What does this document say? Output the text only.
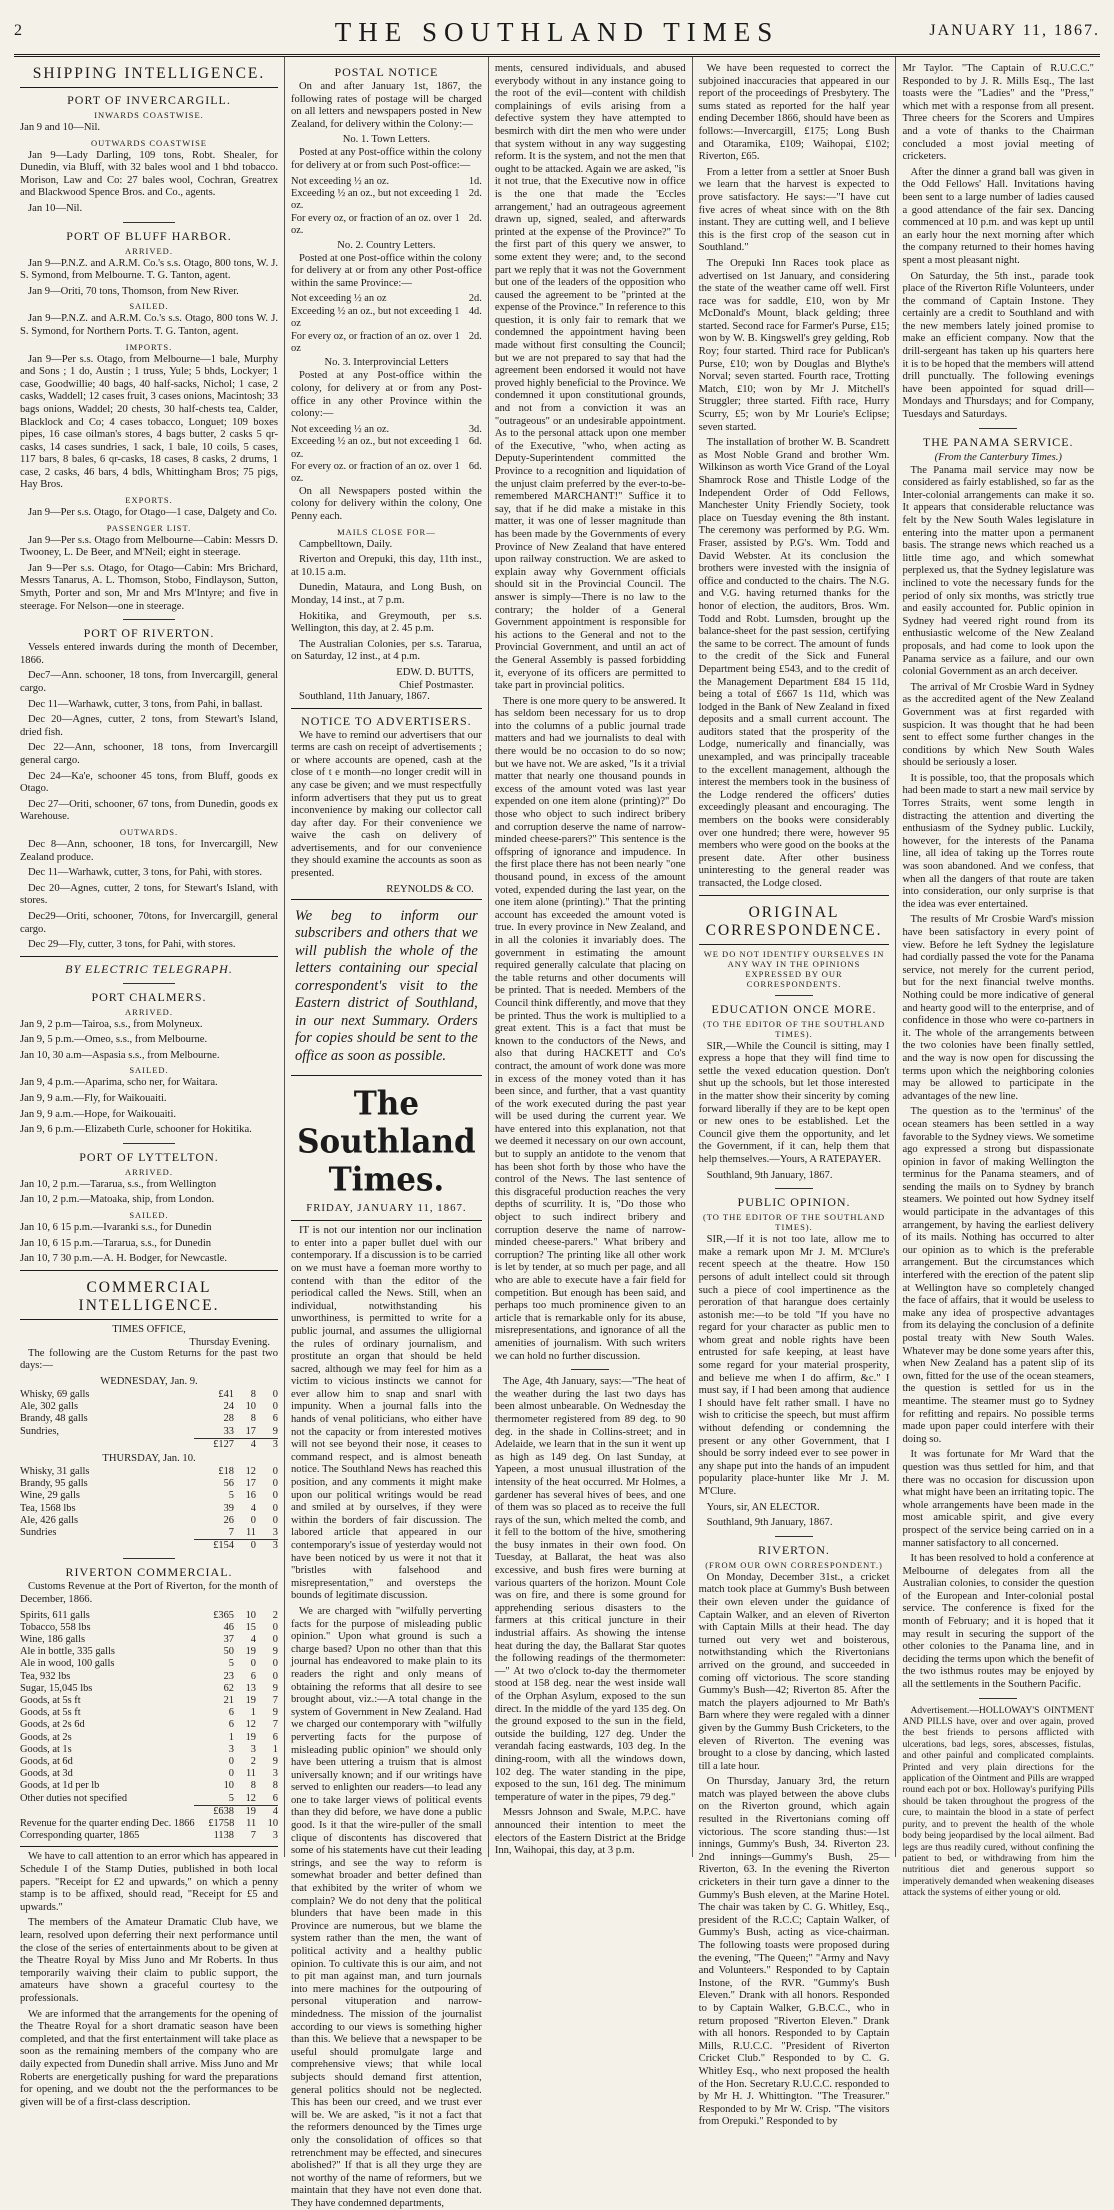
2	THE SOUTHLAND TIMES	JANUARY 11, 1867.
SHIPPING INTELLIGENCE.
PORT OF INVERCARGILL.
INWARDS COASTWISE.

Jan 9 and 10—Nil.

OUTWARDS COASTWISE

Jan 9—Lady Darling, 109 tons, Robt. Shealer, for Dunedin, via Bluff, with 32 bales wool and 1 bhd tobacco. Morison, Law and Co: 27 bales wool, Cochran, Greatrex and Blackwood Spence Bros. and Co., agents.

Jan 10—Nil.

PORT OF BLUFF HARBOR.
ARRIVED.

Jan 9—P.N.Z. and A.R.M. Co.'s s.s. Otago, 800 tons, W. J. S. Symond, from Melbourne. T. G. Tanton, agent.

Jan 9—Oriti, 70 tons, Thomson, from New River.

SAILED.

Jan 9—P.N.Z. and A.R.M. Co.'s s.s. Otago, 800 tons W. J. S. Symond, for Northern Ports. T. G. Tanton, agent.

IMPORTS.

Jan 9—Per s.s. Otago, from Melbourne—1 bale, Murphy and Sons ; 1 do, Austin ; 1 truss, Yule; 5 bhds, Lockyer; 1 case, Goodwillie; 40 bags, 40 half-sacks, Nichol; 1 case, 2 casks, Waddell; 12 cases fruit, 3 cases onions, Macintosh; 33 bags onions, Waddel; 20 chests, 30 half-chests tea, Calder, Blacklock and Co; 4 cases tobacco, Longuet; 109 boxes pipes, 16 case oilman's stores, 4 bags butter, 2 casks 5 qr-casks, 14 cases sundries, 1 sack, 1 bale, 10 coils, 5 cases, 117 bars, 8 bales, 6 qr-casks, 18 cases, 8 casks, 2 drums, 1 case, 2 casks, 46 bars, 4 bdls, Whittingham Bros; 75 pigs, Hay Bros.

EXPORTS.

Jan 9—Per s.s. Otago, for Otago—1 case, Dalgety and Co.

PASSENGER LIST.

Jan 9—Per s.s. Otago from Melbourne—Cabin: Messrs D. Twooney, L. De Beer, and M'Neil; eight in steerage.

Jan 9—Per s.s. Otago, for Otago—Cabin: Mrs Brichard, Messrs Tanarus, A. L. Thomson, Stobo, Findlayson, Sutton, Smyth, Porter and son, Mr and Mrs M'Intyre; and five in steerage. For Nelson—one in steerage.

PORT OF RIVERTON.

Vessels entered inwards during the month of December, 1866.

Dec7—Ann. schooner, 18 tons, from Invercargill, general cargo.

Dec 11—Warhawk, cutter, 3 tons, from Pahi, in ballast.

Dec 20—Agnes, cutter, 2 tons, from Stewart's Island, dried fish.

Dec 22—Ann, schooner, 18 tons, from Invercargill general cargo.

Dec 24—Ka'e, schooner 45 tons, from Bluff, goods ex Otago.

Dec 27—Oriti, schooner, 67 tons, from Dunedin, goods ex Warehouse.

OUTWARDS.

Dec 8—Ann, schooner, 18 tons, for Invercargill, New Zealand produce.

Dec 11—Warhawk, cutter, 3 tons, for Pahi, with stores.

Dec 20—Agnes, cutter, 2 tons, for Stewart's Island, with stores.

Dec29—Oriti, schooner, 70tons, for Invercargill, general cargo.

Dec 29—Fly, cutter, 3 tons, for Pahi, with stores.

BY ELECTRIC TELEGRAPH.
PORT CHALMERS.
ARRIVED.

Jan 9, 2 p.m—Tairoa, s.s., from Molyneux.

Jan 9, 5 p.m.—Omeo, s.s., from Melbourne.

Jan 10, 30 a.m—Aspasia s.s., from Melbourne.

SAILED.

Jan 9, 4 p.m.—Aparima, scho ner, for Waitara.

Jan 9, 9 a.m.—Fly, for Waikouaiti.

Jan 9, 9 a.m.—Hope, for Waikouaiti.

Jan 9, 6 p.m.—Elizabeth Curle, schooner for Hokitika.

PORT OF LYTTELTON.
ARRIVED.

Jan 10, 2 p.m.—Tararua, s.s., from Wellington

Jan 10, 2 p.m.—Matoaka, ship, from London.

SAILED.

Jan 10, 6 15 p.m.—Ivaranki s.s., for Dunedin

Jan 10, 6 15 p.m.—Tararua, s.s., for Dunedin

Jan 10, 7 30 p.m.—A. H. Bodger, for Newcastle.

COMMERCIAL INTELLIGENCE.
TIMES OFFICE,
Thursday Evening.

The following are the Custom Returns for the past two days:—

WEDNESDAY, Jan. 9.
Whisky, 69 galls	£41	8	0
Ale, 302 galls	24	10	0
Brandy, 48 galls	28	8	6
Sundries,	33	17	9
£127	4	3
THURSDAY, Jan. 10.
Whisky, 31 galls	£18	12	0
Brandy, 95 galls	56	17	0
Wine, 29 galls	5	16	0
Tea, 1568 lbs	39	4	0
Ale, 426 galls	26	0	0
Sundries	7	11	3
£154	0	3
RIVERTON COMMERCIAL.

Customs Revenue at the Port of Riverton, for the month of December, 1866.

Spirits, 611 galls	£365	10	2
Tobacco, 558 lbs	46	15	0
Wine, 186 galls	37	4	0
Ale in bottle, 335 galls	50	19	9
Ale in wood, 100 galls	5	0	0
Tea, 932 lbs	23	6	0
Sugar, 15,045 lbs	62	13	9
Goods, at 5s ft	21	19	7
Goods, at 5s ft	6	1	9
Goods, at 2s 6d	6	12	7
Goods, at 2s	1	19	6
Goods, at 1s	3	3	1
Goods, at 6d	0	2	9
Goods, at 3d	0	11	3
Goods, at 1d per lb	10	8	8
Other duties not specified	5	12	6
£638	19	4
Revenue for the quarter ending Dec. 1866	£1758	11	10
Corresponding quarter, 1865	1138	7	3

We have to call attention to an error which has appeared in Schedule I of the Stamp Duties, published in both local papers. "Receipt for £2 and upwards," on which a penny stamp is to be affixed, should read, "Receipt for £5 and upwards."

The members of the Amateur Dramatic Club have, we learn, resolved upon deferring their next performance until the close of the series of entertainments about to be given at the Theatre Royal by Miss Juno and Mr Roberts. In thus temporarily waiving their claim to public support, the amateurs have shown a graceful courtesy to the professionals.

We are informed that the arrangements for the opening of the Theatre Royal for a short dramatic season have been completed, and that the first entertainment will take place as soon as the remaining members of the company who are daily expected from Dunedin shall arrive. Miss Juno and Mr Roberts are energetically pushing for ward the preparations for opening, and we doubt not the the performances to be given will be of a first-class description.

POSTAL NOTICE

On and after January 1st, 1867, the following rates of postage will be charged on all letters and newspapers posted in New Zealand, for delivery within the Colony:—

No. 1. Town Letters.

Posted at any Post-office within the colony for delivery at or from such Post-office:—

Not exceeding ½ an oz.	1d.
Exceeding ½ an oz., but not exceeding 1 oz.
2d.
For every oz, or fraction of an oz. over 1 oz.
2d.
No. 2. Country Letters.

Posted at one Post-office within the colony for delivery at or from any other Post-office within the same Province:—

Not exceeding ½ an oz	2d.
Exceeding ½ an oz., but not exceeding 1 oz
4d.
For every oz, or fraction of an oz. over 1 oz
2d.
No. 3. Interprovincial Letters

Posted at any Post-office within the colony, for delivery at or from any Post-office in any other Province within the colony:—

Not exceeding ½ an oz.	3d.
Exceeding ½ an oz., but not exceeding 1 oz.
6d.
For every oz. or fraction of an oz. over 1 oz.
6d.

On all Newspapers posted within the colony for delivery within the colony, One Penny each.

MAILS CLOSE FOR—

Campbelltown, Daily.

Riverton and Orepuki, this day, 11th inst., at 10.15 a.m.

Dunedin, Mataura, and Long Bush, on Monday, 14 inst., at 7 p.m.

Hokitika, and Greymouth, per s.s. Wellington, this day, at 2. 45 p.m.

The Australian Colonies, per s.s. Tararua, on Saturday, 12 inst., at 4 p.m.

EDW. D. BUTTS,
Chief Postmaster.

Southland, 11th January, 1867.

NOTICE TO ADVERTISERS.

We have to remind our advertisers that our terms are cash on receipt of advertisements ; or where accounts are opened, cash at the close of t e month—no longer credit will in any case be given; and we must respectfully inform advertisers that they put us to great inconvenience by making our collector call day after day. For their convenience we waive the cash on delivery of advertisements, and for our convenience they should examine the accounts as soon as presented.

REYNOLDS & CO.
We beg to inform our subscribers and others that we will publish the whole of the letters containing our special correspondent's visit to the Eastern district of Southland, in our next Summary. Orders for copies should be sent to the office as soon as possible.
The Southland Times.
FRIDAY, JANUARY 11, 1867.

IT is not our intention nor our inclination to enter into a paper bullet duel with our contemporary. If a discussion is to be carried on we must have a foeman more worthy to contend with than the editor of the periodical called the News. Still, when an individual, notwithstanding his unworthiness, is permitted to write for a public journal, and assumes the ulligiornal the rules of ordinary journalism, and prostitute an organ that should be held sacred, although we may feel for him as a victim to vicious instincts we cannot for ever allow him to snap and snarl with impunity. When a journal falls into the hands of venal politicians, who either have not the capacity or from interested motives will not see beyond their nose, it ceases to command respect, and is almost beneath notice. The Southland News has reached this position, and any comments it might make upon our political writings would be read and smiled at by ourselves, if they were within the borders of fair discussion. The labored article that appeared in our contemporary's issue of yesterday would not have been noticed by us were it not that it "bristles with falsehood and misrepresentation," and oversteps the bounds of legitimate discussion.

We are charged with "wilfully perverting facts for the purpose of misleading public opinion." Upon what ground is such a charge based? Upon no other than that this journal has endeavored to make plain to its readers the right and only means of obtaining the reforms that all desire to see brought about, viz.:—A total change in the system of Government in New Zealand. Had we charged our contemporary with "wilfully perverting facts for the purpose of misleading public opinion" we should only have been uttering a truism that is almost universally known; and if our writings have served to enlighten our readers—to lead any one to take larger views of political events than they did before, we have done a public good. Is it that the wire-puller of the small clique of discontents has discovered that some of his statements have cut their leading strings, and see the way to reform is somewhat broader and better defined than that exhibited by the writer of whom we complain? We do not deny that the political blunders that have been made in this Province are numerous, but we blame the system rather than the men, the want of political activity and a healthy public opinion. To cultivate this is our aim, and not to pit man against man, and turn journals into mere machines for the outpouring of personal vituperation and narrow-mindedness. The mission of the journalist according to our views is something higher than this. We believe that a newspaper to be useful should promulgate large and comprehensive views; that while local subjects should demand first attention, general politics should not be neglected. This has been our creed, and we trust ever will be. We are asked, "is it not a fact that the reformers denounced by the Times urge only the consolidation of offices so that retrenchment may be effected, and sinecures abolished?" If that is all they urge they are not worthy of the name of reformers, but we maintain that they have not even done that. They have condemned departments,

ments, censured individuals, and abused everybody without in any instance going to the root of the evil—content with childish complainings of evils arising from a defective system they have attempted to besmirch with dirt the men who were under that system without in any way suggesting reform. It is the system, and not the men that ought to be attacked. Again we are asked, "is it not true, that the Executive now in office is the one that made the 'Eccles arrangement,' had an outrageous agreement drawn up, signed, sealed, and afterwards printed at the expense of the Province?" To the first part of this query we answer, to some extent they were; and, to the second part we reply that it was not the Government but one of the leaders of the opposition who caused the agreement to be "printed at the expense of the Province." In reference to this question, it is only fair to remark that we condemned the appointment having been made without first consulting the Council; but we are not prepared to say that had the agreement been endorsed it would not have proved highly beneficial to the Province. We condemned it upon constitutional grounds, and not from a conviction it was an "outrageous" or an undesirable appointment. As to the personal attack upon one member of the Executive, "who, when acting as Deputy-Superintendent committed the Province to a recognition and liquidation of the unjust claim preferred by the ever-to-be-remembered MARCHANT!" Suffice it to say, that if he did make a mistake in this matter, it was one of lesser magnitude than has been made by the Governments of every Province of New Zealand that have entered upon railway construction. We are asked to explain away why Government officials should sit in the Provincial Council. The answer is simply—There is no law to the contrary; the holder of a General Government appointment is responsible for his actions to the General and not to the Provincial Government, and until an act of the General Assembly is passed forbidding it, everyone of its officers are permitted to take part in provincial politics.

There is one more query to be answered. It has seldom been necessary for us to drop into the columns of a public journal trade matters and had we journalists to deal with there would be no occasion to do so now; but we have not. We are asked, "Is it a trivial matter that nearly one thousand pounds in excess of the amount voted was last year expended on one item alone (printing)?" Do those who object to such indirect bribery and corruption deserve the name of narrow-minded cheese-parers?" This sentence is the offspring of ignorance and impudence. In the first place there has not been nearly "one thousand pound, in excess of the amount voted, expended during the last year, on the one item alone (printing)." That the printing account has exceeded the amount voted is true. In every province in New Zealand, and in all the colonies it invariably does. The government in estimating the amount required generally calculate that placing on the table returns and other documents will be printed. That is needed. Members of the Council think differently, and move that they be printed. Thus the work is multiplied to a great extent. This is a fact that must be known to the conductors of the News, and also that during HACKETT and Co's contract, the amount of work done was more in excess of the money voted than it has been since, and further, that a vast quantity of the work executed during the past year will be used during the current year. We have entered into this explanation, not that we deemed it necessary on our own account, but to supply an antidote to the venom that has been shot forth by those who have the control of the News. The last sentence of this disgraceful production reaches the very depths of scurrility. It is, "Do those who object to such indirect bribery and corruption deserve the name of narrow-minded cheese-parers." What bribery and corruption? The printing like all other work is let by tender, at so much per page, and all who are able to execute have a fair field for competition. But enough has been said, and perhaps too much prominence given to an article that is remarkable only for its abuse, misrepresentations, and ignorance of all the amenities of journalism. With such writers we can hold no further discussion.

The Age, 4th January, says:—"The heat of the weather during the last two days has been almost unbearable. On Wednesday the thermometer registered from 89 deg. to 90 deg. in the shade in Collins-street; and in Adelaide, we learn that in the sun it went up as high as 149 deg. On last Sunday, at Yapeen, a most unusual illustration of the intensity of the heat occurred. Mr Holmes, a gardener has several hives of bees, and one of them was so placed as to receive the full rays of the sun, which melted the comb, and it fell to the bottom of the hive, smothering the busy inmates in their own food. On Tuesday, at Ballarat, the heat was also excessive, and bush fires were burning at various quarters of the horizon. Mount Cole was on fire, and there is some ground for apprehending serious disasters to the farmers at this critical juncture in their industrial affairs. As showing the intense heat during the day, the Ballarat Star quotes the following readings of the thermometer:—" At two o'clock to-day the thermometer stood at 158 deg. near the west inside wall of the Orphan Asylum, exposed to the sun direct. In the middle of the yard 135 deg. On the ground exposed to the sun in the field, outside the building, 127 deg. Under the verandah facing eastwards, 103 deg. In the dining-room, with all the windows down, 102 deg. The water standing in the pipe, exposed to the sun, 161 deg. The minimum temperature of water in the pipes, 79 deg."

Messrs Johnson and Swale, M.P.C. have announced their intention to meet the electors of the Eastern District at the Bridge Inn, Waihopai, this day, at 3 p.m.

We have been requested to correct the subjoined inaccuracies that appeared in our report of the proceedings of Presbytery. The sums stated as reported for the half year ending December 1866, should have been as follows:—Invercargill, £175; Long Bush and Otaramika, £109; Waihopai, £102; Riverton, £65.

From a letter from a settler at Snoer Bush we learn that the harvest is expected to prove satisfactory. He says:—"I have cut five acres of wheat since with on the 8th instant. They are cutting well, and I believe this is the first crop of the season cut in Southland."

The Orepuki Inn Races took place as advertised on 1st January, and considering the state of the weather came off well. First race was for saddle, £10, won by Mr McDonald's Mount, black gelding; three started. Second race for Farmer's Purse, £15; won by W. B. Kingswell's grey gelding, Rob Roy; four started. Third race for Publican's Purse, £10; won by Douglas and Blythe's Norval; seven started. Fourth race, Trotting Match, £10; won by Mr J. Mitchell's Struggler; three started. Fifth race, Hurry Scurry, £5; won by Mr Lourie's Eclipse; seven started.

The installation of brother W. B. Scandrett as Most Noble Grand and brother Wm. Wilkinson as worth Vice Grand of the Loyal Shamrock Rose and Thistle Lodge of the Independent Order of Odd Fellows, Manchester Unity Friendly Society, took place on Tuesday evening the 8th instant. The ceremony was performed by P.G. Wm. Fraser, assisted by P.G's. Wm. Todd and David Webster. At its conclusion the brothers were invested with the insignia of office and conducted to the chairs. The N.G. and V.G. having returned thanks for the honor of election, the auditors, Bros. Wm. Todd and Robt. Lumsden, brought up the balance-sheet for the past session, certifying the same to be correct. The amount of funds to the credit of the Sick and Funeral Department being £543, and to the credit of the Management Department £84 15 11d, being a total of £667 1s 11d, which was lodged in the Bank of New Zealand in fixed deposits and a small current account. The auditors stated that the prosperity of the Lodge, numerically and financially, was unexampled, and was principally traceable to the excellent management, although the interest the members took in the business of the Lodge rendered the officers' duties exceedingly pleasant and encouraging. The members on the books were considerably over one hundred; there were, however 95 members who were good on the books at the present date. After other business uninteresting to the general reader was transacted, the Lodge closed.

ORIGINAL CORRESPONDENCE.
WE DO NOT IDENTIFY OURSELVES IN ANY WAY IN THE OPINIONS EXPRESSED BY OUR CORRESPONDENTS.
EDUCATION ONCE MORE.
(TO THE EDITOR OF THE SOUTHLAND TIMES).

SIR,—While the Council is sitting, may I express a hope that they will find time to settle the vexed education question. Don't shut up the schools, but let those interested in the matter show their sincerity by coming forward liberally if they are to be kept open or new ones to be established. Let the Council give them the opportunity, and let the Government, if it can, help them that help themselves.—Yours, A RATEPAYER.

Southland, 9th January, 1867.

PUBLIC OPINION.
(TO THE EDITOR OF THE SOUTHLAND TIMES).

SIR,—If it is not too late, allow me to make a remark upon Mr J. M. M'Clure's recent speech at the theatre. How 150 persons of adult intellect could sit through such a piece of cool impertinence as the peroration of that harangue does certainly astonish me:—to be told "If you have no regard for your character as public men to whom great and noble rights have been entrusted for safe keeping, at least have some regard for your material prosperity, and believe me when I do affirm, &c." I must say, if I had been among that audience I should have felt rather small. I have no wish to criticise the speech, but must affirm without defending or condemning the present or any other Government, that I should be sorry indeed ever to see power in any shape put into the hands of an impudent popularity place-hunter like Mr J. M. M'Clure.

Yours, sir, AN ELECTOR.

Southland, 9th January, 1867.

RIVERTON.
(FROM OUR OWN CORRESPONDENT.)

On Monday, December 31st., a cricket match took place at Gummy's Bush between their own eleven under the guidance of Captain Walker, and an eleven of Riverton with Captain Mills at their head. The day turned out very wet and boisterous, notwithstanding which the Rivertonians arrived on the ground, and succeeded in coming off victorious. The score standing Gummy's Bush—42; Riverton 85. After the match the players adjourned to Mr Bath's Barn where they were regaled with a dinner given by the Gummy Bush Cricketers, to the eleven of Riverton. The evening was brought to a close by dancing, which lasted till a late hour.

On Thursday, January 3rd, the return match was played between the above clubs on the Riverton ground, which again resulted in the Rivertonians coming off victorious. The score standing thus:—1st innings, Gummy's Bush, 34. Riverton 23. 2nd innings—Gummy's Bush, 25—Riverton, 63. In the evening the Riverton cricketers in their turn gave a dinner to the Gummy's Bush eleven, at the Marine Hotel. The chair was taken by C. G. Whitley, Esq., president of the R.C.C; Captain Walker, of Gummy's Bush, acting as vice-chairman. The following toasts were proposed during the evening, "The Queen;" "Army and Navy and Volunteers." Responded to by Captain Instone, of the RVR. "Gummy's Bush Eleven." Drank with all honors. Responded to by Captain Walker, G.B.C.C., who in return proposed "Riverton Eleven." Drank with all honors. Responded to by Captain Mills, R.U.C.C. "President of Riverton Cricket Club." Responded to by C. G. Whitley Esq., who next proposed the health of the Hon. Secretary R.U.C.C. responded to by Mr H. J. Whittington. "The Treasurer." Responded to by Mr W. Crisp. "The visitors from Orepuki." Responded to by

Mr Taylor. "The Captain of R.U.C.C." Responded to by J. R. Mills Esq., The last toasts were the "Ladies" and the "Press," which met with a response from all present. Three cheers for the Scorers and Umpires and a vote of thanks to the Chairman concluded a most jovial meeting of cricketers.

After the dinner a grand ball was given in the Odd Fellows' Hall. Invitations having been sent to a large number of ladies caused a good attendance of the fair sex. Dancing commenced at 10 p.m. and was kept up until an early hour the next morning after which the company returned to their homes having spent a most pleasant night.

On Saturday, the 5th inst., parade took place of the Riverton Rifle Volunteers, under the command of Captain Instone. They certainly are a credit to Southland and with the new members lately joined promise to make an efficient company. Now that the drill-sergeant has taken up his quarters here it is to be hoped that the members will attend drill punctually. The following evenings have been appointed for squad drill—Mondays and Thursdays; and for Company, Tuesdays and Saturdays.

THE PANAMA SERVICE.
(From the Canterbury Times.)

The Panama mail service may now be considered as fairly established, so far as the Inter-colonial arrangements can make it so. It appears that considerable reluctance was felt by the New South Wales legislature in entering into the matter upon a permanent basis. The strange news which reached us a little time ago, and which somewhat perplexed us, that the Sydney legislature was inclined to vote the necessary funds for the period of only six months, was strictly true and easily accounted for. Public opinion in Sydney had veered right round from its enthusiastic welcome of the New Zealand proposals, and had come to look upon the Panama service as a failure, and our own colonial Government as an arch deceiver.

The arrival of Mr Crosbie Ward in Sydney as the accredited agent of the New Zealand Government was at first regarded with suspicion. It was thought that he had been sent to effect some further changes in the conditions by which New South Wales should be seriously a loser.

It is possible, too, that the proposals which had been made to start a new mail service by Torres Straits, went some length in distracting the attention and diverting the enthusiasm of the Sydney public. Luckily, however, for the interests of the Panama line, all idea of taking up the Torres route was soon abandoned. And we confess, that when all the dangers of that route are taken into consideration, our only surprise is that the idea was ever entertained.

The results of Mr Crosbie Ward's mission have been satisfactory in every point of view. Before he left Sydney the legislature had cordially passed the vote for the Panama service, not merely for the current period, but for the next financial twelve months. Nothing could be more indicative of general and hearty good will to the enterprise, and of confidence in those who were co-partners in it. The whole of the arrangements between the two colonies have been finally settled, and the way is now open for discussing the terms upon which the neighboring colonies may be allowed to participate in the advantages of the new line.

The question as to the 'terminus' of the ocean steamers has been settled in a way favorable to the Sydney views. We sometime ago expressed a strong but dispassionate opinion in favor of making Wellington the terminus for the Panama steamers, and of sending the mails on to Sydney by branch steamers. We pointed out how Sydney itself would participate in the advantages of this arrangement, by having the earliest delivery of its mails. Nothing has occurred to alter our opinion as to which is the preferable arrangement. But the circumstances which interfered with the erection of the patent slip at Wellington have so completely changed the face of affairs, that it would be useless to make any idea of prospective advantages from its delaying the conclusion of a definite postal treaty with New South Wales. Whatever may be done some years after this, when New Zealand has a patent slip of its own, fitted for the use of the ocean steamers, the question is settled for us in the meantime. The steamer must go to Sydney for refitting and repairs. No possible terms made upon paper could interfere with their doing so.

It was fortunate for Mr Ward that the question was thus settled for him, and that there was no occasion for discussion upon what might have been an irritating topic. The whole arrangements have been made in the most amicable spirit, and give every prospect of the service being carried on in a manner satisfactory to all concerned.

It has been resolved to hold a conference at Melbourne of delegates from all the Australian colonies, to consider the question of the European and Inter-colonial postal service. The conference is fixed for the month of February; and it is hoped that it may result in securing the support of the other colonies to the Panama line, and in deciding the terms upon which the benefit of the two isthmus routes may be enjoyed by all the settlements in the Southern Pacific.

Advertisement.—HOLLOWAY'S OINTMENT AND PILLS have, over and over again, proved the best friends to persons afflicted with ulcerations, bad legs, sores, abscesses, fistulas, and other painful and complicated complaints. Printed and very plain directions for the application of the Ointment and Pills are wrapped round each pot or box. Holloway's purifying Pills should be taken throughout the progress of the cure, to maintain the blood in a state of perfect purity, and to prevent the health of the whole body being jeopardised by the local ailment. Bad legs are thus readily cured, without confining the patient to bed, or withdrawing from him the nutritious diet and generous support so imperatively demanded when weakening diseases attack the systems of either young or old.
